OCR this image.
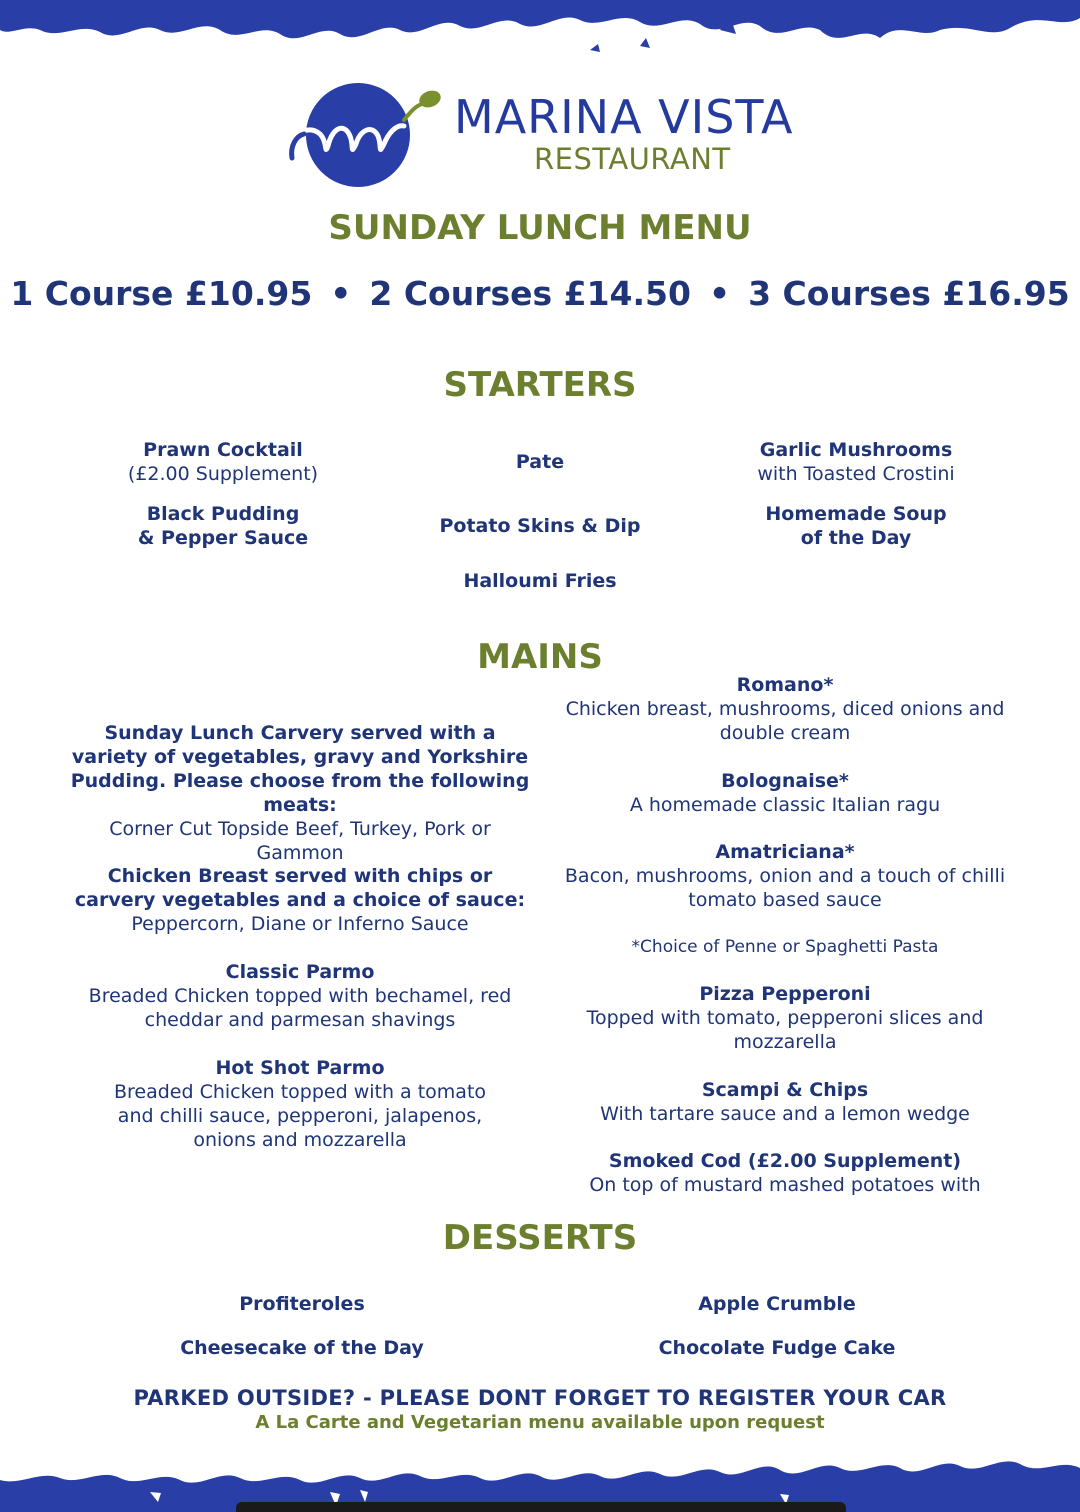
MARINA VISTA
RESTAURANT
SUNDAY LUNCH MENU
1 Course £10.95 • 2 Courses £14.50 • 3 Courses £16.95
STARTERS
Prawn Cocktail
(£2.00 Supplement)
Pate
Garlic Mushrooms
with Toasted Crostini
Black Pudding
& Pepper Sauce
Potato Skins & Dip
Homemade Soup
of the Day
Halloumi Fries
MAINS
Sunday Lunch Carvery served with a variety of vegetables, gravy and Yorkshire Pudding. Please choose from the following meats:
Corner Cut Topside Beef, Turkey, Pork or Gammon
Chicken Breast served with chips or carvery vegetables and a choice of sauce:
Peppercorn, Diane or Inferno Sauce
Classic Parmo
Breaded Chicken topped with bechamel, red cheddar and parmesan shavings
Hot Shot Parmo
Breaded Chicken topped with a tomato and chilli sauce, pepperoni, jalapenos, onions and mozzarella
Romano*
Chicken breast, mushrooms, diced onions and double cream
Bolognaise*
A homemade classic Italian ragu
Amatriciana*
Bacon, mushrooms, onion and a touch of chilli tomato based sauce
*Choice of Penne or Spaghetti Pasta
Pizza Pepperoni
Topped with tomato, pepperoni slices and mozzarella
Scampi & Chips
With tartare sauce and a lemon wedge
Smoked Cod (£2.00 Supplement)
On top of mustard mashed potatoes with
DESSERTS
Profiteroles	Apple Crumble
Cheesecake of the Day	Chocolate Fudge Cake
PARKED OUTSIDE? - PLEASE DONT FORGET TO REGISTER YOUR CAR
A La Carte and Vegetarian menu available upon request
